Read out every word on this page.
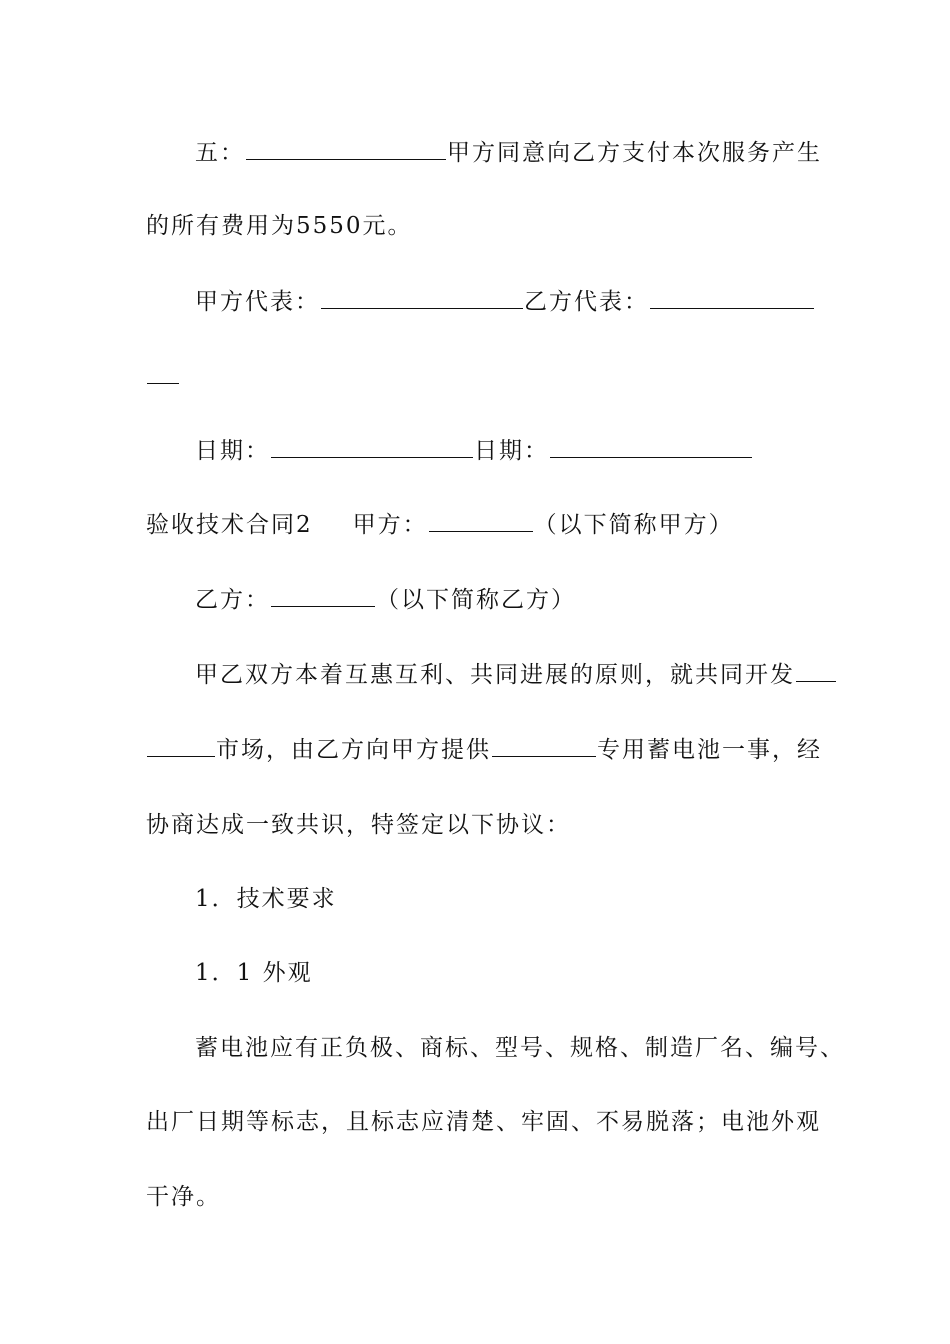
五：	甲方同意向乙方支付本次服务产生
的所有费用为5550元。
甲方代表：	乙方代表：
日期：	日期：
验收技术合同2 甲方：	（以下简称甲方）
乙方：	（以下简称乙方）
甲乙双方本着互惠互利、共同进展的原则，就共同开发
市场，由乙方向甲方提供	专用蓄电池一事，经
协商达成一致共识，特签定以下协议：
1．技术要求
1．1 外观
蓄电池应有正负极、商标、型号、规格、制造厂名、编号、
出厂日期等标志，且标志应清楚、牢固、不易脱落；电池外观
干净。
